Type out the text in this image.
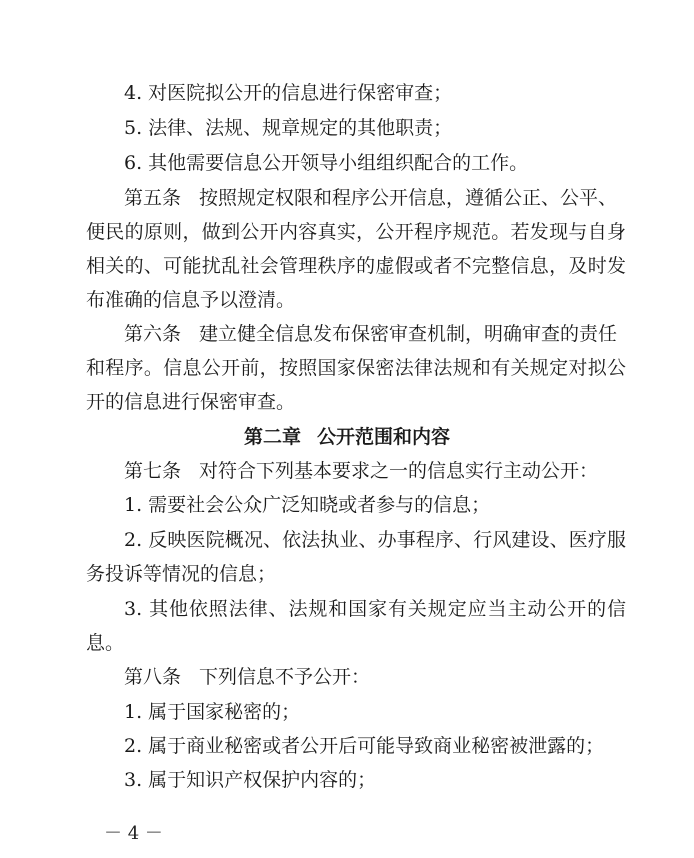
4. 对医院拟公开的信息进行保密审查；
5. 法律、法规、规章规定的其他职责；
6. 其他需要信息公开领导小组组织配合的工作。
第五条 按照规定权限和程序公开信息，遵循公正、公平、
便民的原则，做到公开内容真实，公开程序规范。若发现与自身
相关的、可能扰乱社会管理秩序的虚假或者不完整信息，及时发
布准确的信息予以澄清。
第六条 建立健全信息发布保密审查机制，明确审查的责任
和程序。信息公开前，按照国家保密法律法规和有关规定对拟公
开的信息进行保密审查。
第二章 公开范围和内容
第七条 对符合下列基本要求之一的信息实行主动公开：
1. 需要社会公众广泛知晓或者参与的信息；
2. 反映医院概况、依法执业、办事程序、行风建设、医疗服
务投诉等情况的信息；
3. 其他依照法律、法规和国家有关规定应当主动公开的信
息。
第八条 下列信息不予公开：
1. 属于国家秘密的；
2. 属于商业秘密或者公开后可能导致商业秘密被泄露的；
3. 属于知识产权保护内容的；
－ 4 －
